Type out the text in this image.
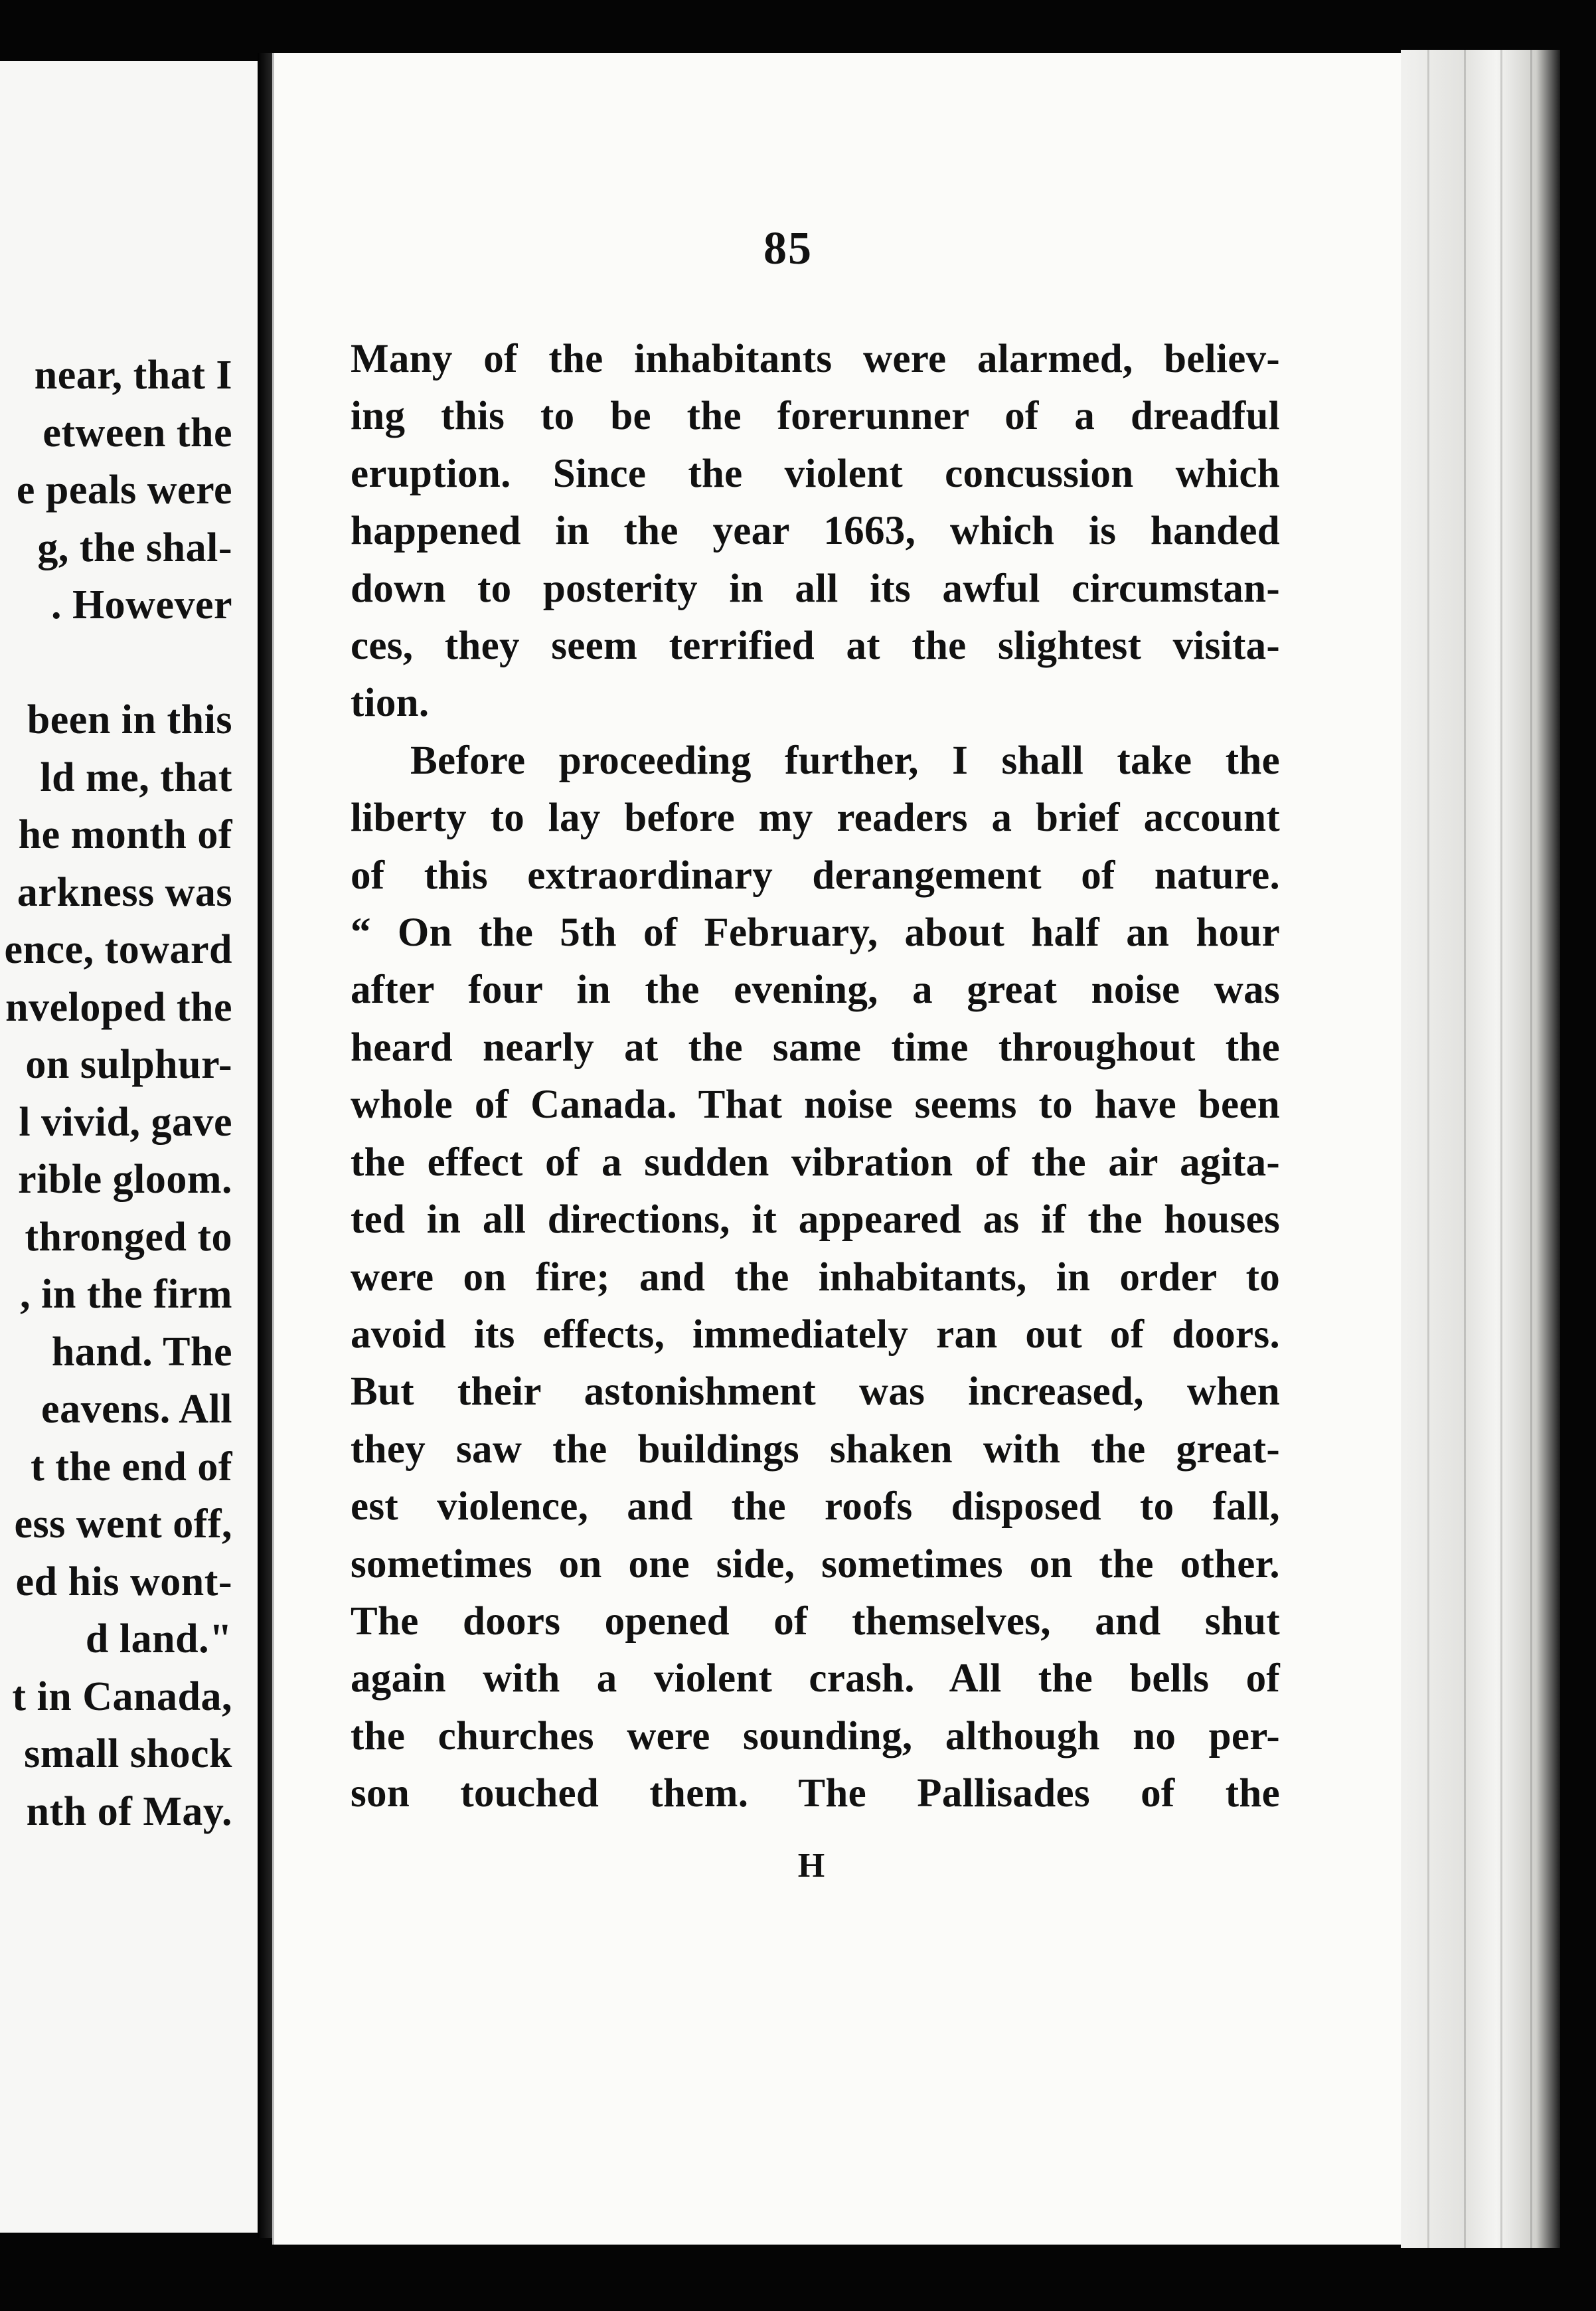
near, that I
etween the
e peals were
g, the shal-
. However

been in this
ld me, that
he month of
arkness was
ence, toward
nveloped the
on sulphur-
l vivid, gave
rible gloom.
thronged to
, in the firm
hand. The
eavens. All
t the end of
ess went off,
ed his wont-
d land."
t in Canada,
small shock
nth of May.
85
Many of the inhabitants were alarmed, believ-
ing this to be the forerunner of a dreadful
eruption. Since the violent concussion which
happened in the year 1663, which is handed
down to posterity in all its awful circumstan-
ces, they seem terrified at the slightest visita-
tion.
Before proceeding further, I shall take the
liberty to lay before my readers a brief account
of this extraordinary derangement of nature.
“ On the 5th of February, about half an hour
after four in the evening, a great noise was
heard nearly at the same time throughout the
whole of Canada. That noise seems to have been
the effect of a sudden vibration of the air agita-
ted in all directions, it appeared as if the houses
were on fire; and the inhabitants, in order to
avoid its effects, immediately ran out of doors.
But their astonishment was increased, when
they saw the buildings shaken with the great-
est violence, and the roofs disposed to fall,
sometimes on one side, sometimes on the other.
The doors opened of themselves, and shut
again with a violent crash. All the bells of
the churches were sounding, although no per-
son touched them. The Pallisades of the
H
